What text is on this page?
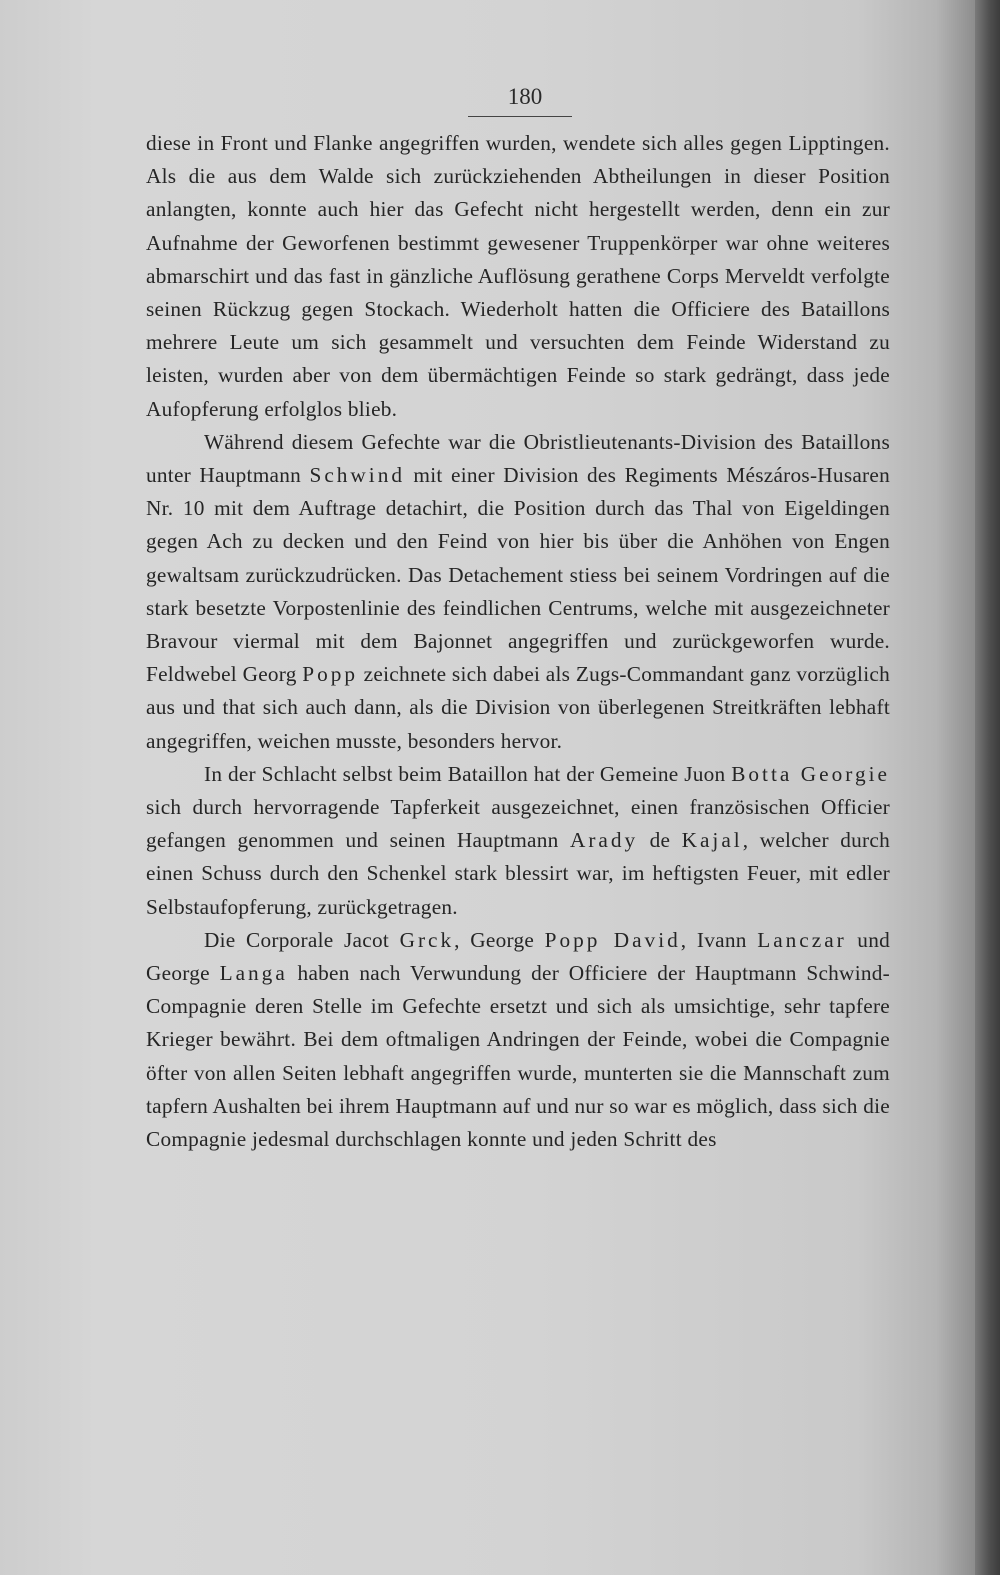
180

diese in Front und Flanke angegriffen wurden, wendete sich alles gegen Lipptingen. Als die aus dem Walde sich zurückziehenden Abtheilungen in dieser Position anlangten, konnte auch hier das Gefecht nicht hergestellt werden, denn ein zur Aufnahme der Geworfenen bestimmt gewesener Truppenkörper war ohne weiteres abmarschirt und das fast in gänzliche Auflösung gerathene Corps Merveldt verfolgte seinen Rückzug gegen Stockach. Wiederholt hatten die Officiere des Bataillons mehrere Leute um sich gesammelt und versuchten dem Feinde Widerstand zu leisten, wurden aber von dem übermächtigen Feinde so stark gedrängt, dass jede Aufopferung erfolglos blieb.

Während diesem Gefechte war die Obristlieutenants-Division des Bataillons unter Hauptmann Schwind mit einer Division des Regiments Mészáros-Husaren Nr. 10 mit dem Auftrage detachirt, die Position durch das Thal von Eigeldingen gegen Ach zu decken und den Feind von hier bis über die Anhöhen von Engen gewaltsam zurückzudrücken. Das Detachement stiess bei seinem Vordringen auf die stark besetzte Vorpostenlinie des feindlichen Centrums, welche mit ausgezeichneter Bravour viermal mit dem Bajonnet angegriffen und zurückgeworfen wurde. Feldwebel Georg Popp zeichnete sich dabei als Zugs-Commandant ganz vorzüglich aus und that sich auch dann, als die Division von überlegenen Streitkräften lebhaft angegriffen, weichen musste, besonders hervor.

In der Schlacht selbst beim Bataillon hat der Gemeine Juon Botta Georgie sich durch hervorragende Tapferkeit ausgezeichnet, einen französischen Officier gefangen genommen und seinen Hauptmann Arady de Kajal, welcher durch einen Schuss durch den Schenkel stark blessirt war, im heftigsten Feuer, mit edler Selbstaufopferung, zurückgetragen.

Die Corporale Jacot Grck, George Popp David, Ivann Lanczar und George Langa haben nach Verwundung der Officiere der Hauptmann Schwind-Compagnie deren Stelle im Gefechte ersetzt und sich als umsichtige, sehr tapfere Krieger bewährt. Bei dem oftmaligen Andringen der Feinde, wobei die Compagnie öfter von allen Seiten lebhaft angegriffen wurde, munterten sie die Mannschaft zum tapfern Aushalten bei ihrem Hauptmann auf und nur so war es möglich, dass sich die Compagnie jedesmal durchschlagen konnte und jeden Schritt des
